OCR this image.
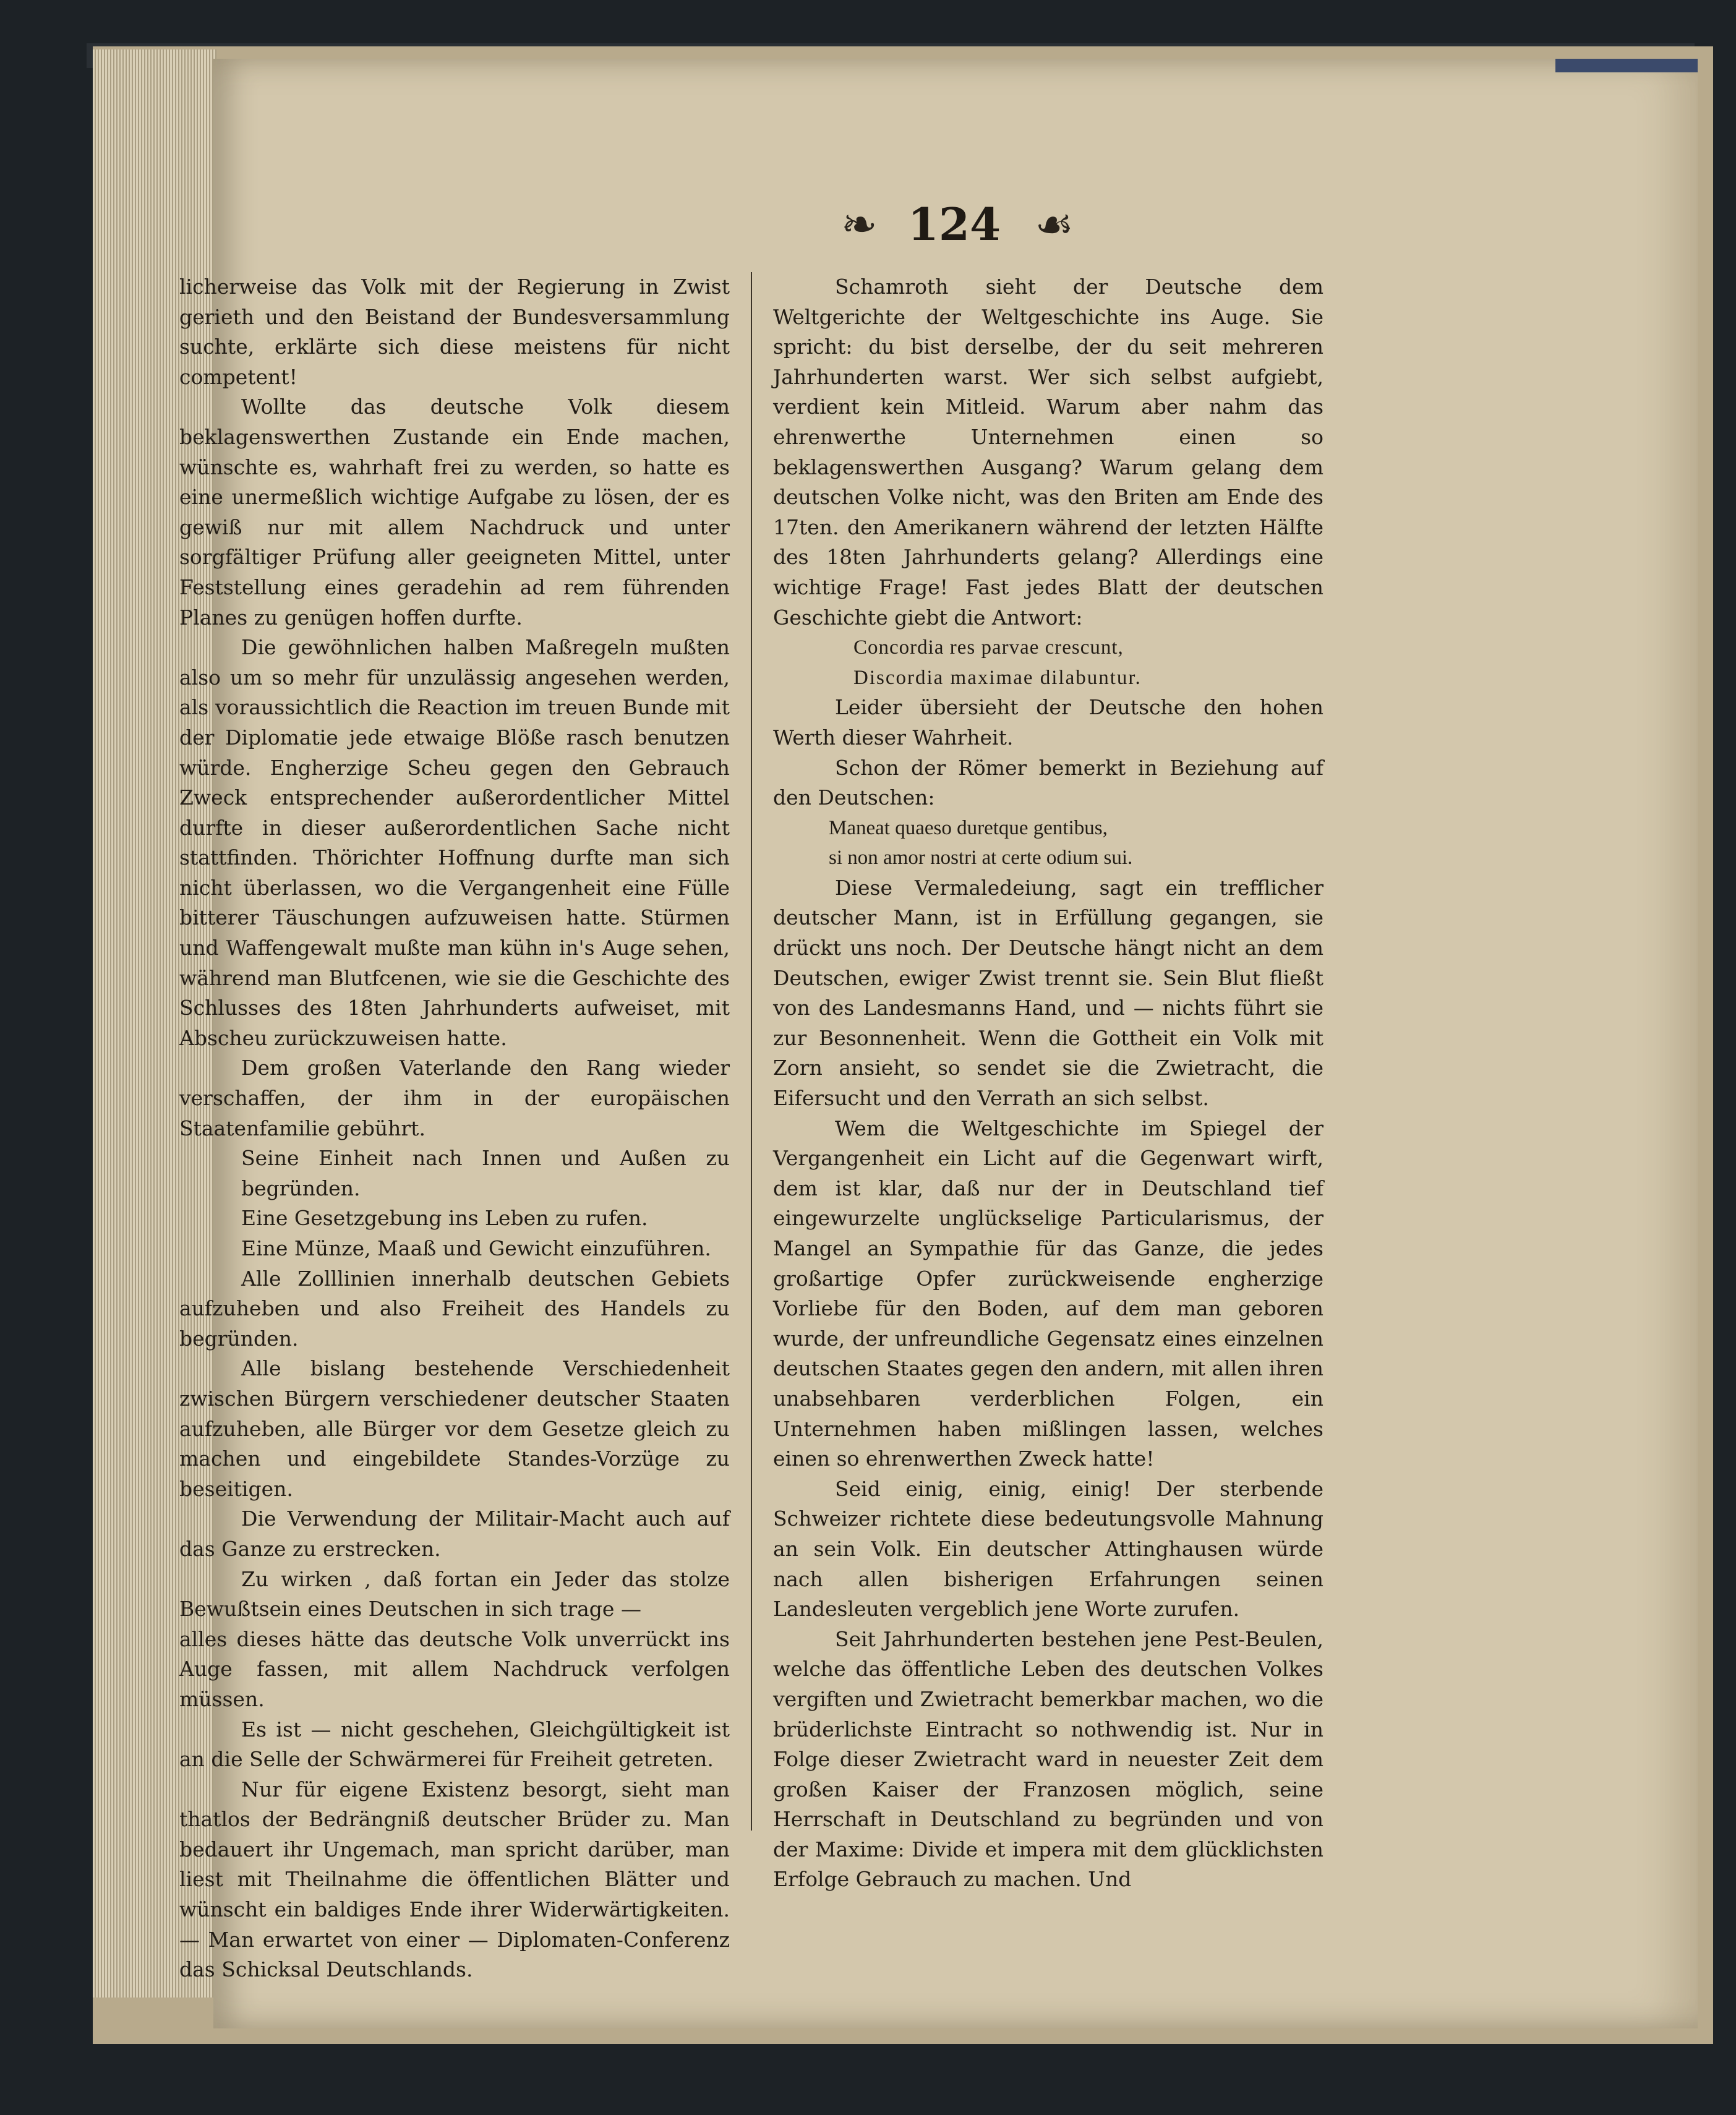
❧ 124 ☙

licherweise das Volk mit der Regierung in Zwist gerieth und den Beistand der Bundesversammlung suchte, erklärte sich diese meistens für nicht competent!

Wollte das deutsche Volk diesem beklagenswerthen Zustande ein Ende machen, wünschte es, wahrhaft frei zu werden, so hatte es eine unermeßlich wichtige Aufgabe zu lösen, der es gewiß nur mit allem Nachdruck und unter sorgfältiger Prüfung aller geeigneten Mittel, unter Feststellung eines geradehin ad rem führenden Planes zu genügen hoffen durfte.

Die gewöhnlichen halben Maßregeln mußten also um so mehr für unzulässig angesehen werden, als voraussichtlich die Reaction im treuen Bunde mit der Diplomatie jede etwaige Blöße rasch benutzen würde. Engherzige Scheu gegen den Gebrauch Zweck entsprechender außerordentlicher Mittel durfte in dieser außerordentlichen Sache nicht stattfinden. Thörichter Hoffnung durfte man sich nicht überlassen, wo die Vergangenheit eine Fülle bitterer Täuschungen aufzuweisen hatte. Stürmen und Waffengewalt mußte man kühn in's Auge sehen, während man Blutfcenen, wie sie die Geschichte des Schlusses des 18ten Jahrhunderts aufweiset, mit Abscheu zurückzuweisen hatte.

Dem großen Vaterlande den Rang wieder verschaffen, der ihm in der europäischen Staatenfamilie gebührt.

Seine Einheit nach Innen und Außen zu begründen.

Eine Gesetzgebung ins Leben zu rufen.

Eine Münze, Maaß und Gewicht einzuführen.

Alle Zolllinien innerhalb deutschen Gebiets aufzuheben und also Freiheit des Handels zu begründen.

Alle bislang bestehende Verschiedenheit zwischen Bürgern verschiedener deutscher Staaten aufzuheben, alle Bürger vor dem Gesetze gleich zu machen und eingebildete Standes-Vorzüge zu beseitigen.

Die Verwendung der Militair-Macht auch auf das Ganze zu erstrecken.

Zu wirken , daß fortan ein Jeder das stolze Bewußtsein eines Deutschen in sich trage —

alles dieses hätte das deutsche Volk unverrückt ins Auge fassen, mit allem Nachdruck verfolgen müssen.

Es ist — nicht geschehen, Gleichgültigkeit ist an die Selle der Schwärmerei für Freiheit getreten.

Nur für eigene Existenz besorgt, sieht man thatlos der Bedrängniß deutscher Brüder zu. Man bedauert ihr Ungemach, man spricht darüber, man liest mit Theilnahme die öffentlichen Blätter und wünscht ein baldiges Ende ihrer Widerwärtigkeiten. — Man erwartet von einer — Diplomaten-Conferenz das Schicksal Deutschlands.

Schamroth sieht der Deutsche dem Weltgerichte der Weltgeschichte ins Auge. Sie spricht: du bist derselbe, der du seit mehreren Jahrhunderten warst. Wer sich selbst aufgiebt, verdient kein Mitleid. Warum aber nahm das ehrenwerthe Unternehmen einen so beklagenswerthen Ausgang? Warum gelang dem deutschen Volke nicht, was den Briten am Ende des 17ten. den Amerikanern während der letzten Hälfte des 18ten Jahrhunderts gelang? Allerdings eine wichtige Frage! Fast jedes Blatt der deutschen Geschichte giebt die Antwort:

Concordia res parvae crescunt,

Discordia maximae dilabuntur.

Leider übersieht der Deutsche den hohen Werth dieser Wahrheit.

Schon der Römer bemerkt in Beziehung auf den Deutschen:

Maneat quaeso duretque gentibus,

si non amor nostri at certe odium sui.

Diese Vermaledeiung, sagt ein trefflicher deutscher Mann, ist in Erfüllung gegangen, sie drückt uns noch. Der Deutsche hängt nicht an dem Deutschen, ewiger Zwist trennt sie. Sein Blut fließt von des Landesmanns Hand, und — nichts führt sie zur Besonnenheit. Wenn die Gottheit ein Volk mit Zorn ansieht, so sendet sie die Zwietracht, die Eifersucht und den Verrath an sich selbst.

Wem die Weltgeschichte im Spiegel der Vergangenheit ein Licht auf die Gegenwart wirft, dem ist klar, daß nur der in Deutschland tief eingewurzelte unglückselige Particularismus, der Mangel an Sympathie für das Ganze, die jedes großartige Opfer zurückweisende engherzige Vorliebe für den Boden, auf dem man geboren wurde, der unfreundliche Gegensatz eines einzelnen deutschen Staates gegen den andern, mit allen ihren unabsehbaren verderblichen Folgen, ein Unternehmen haben mißlingen lassen, welches einen so ehrenwerthen Zweck hatte!

Seid einig, einig, einig! Der sterbende Schweizer richtete diese bedeutungsvolle Mahnung an sein Volk. Ein deutscher Attinghausen würde nach allen bisherigen Erfahrungen seinen Landesleuten vergeblich jene Worte zurufen.

Seit Jahrhunderten bestehen jene Pest-Beulen, welche das öffentliche Leben des deutschen Volkes vergiften und Zwietracht bemerkbar machen, wo die brüderlichste Eintracht so nothwendig ist. Nur in Folge dieser Zwietracht ward in neuester Zeit dem großen Kaiser der Franzosen möglich, seine Herrschaft in Deutschland zu begründen und von der Maxime: Divide et impera mit dem glücklichsten Erfolge Gebrauch zu machen. Und
